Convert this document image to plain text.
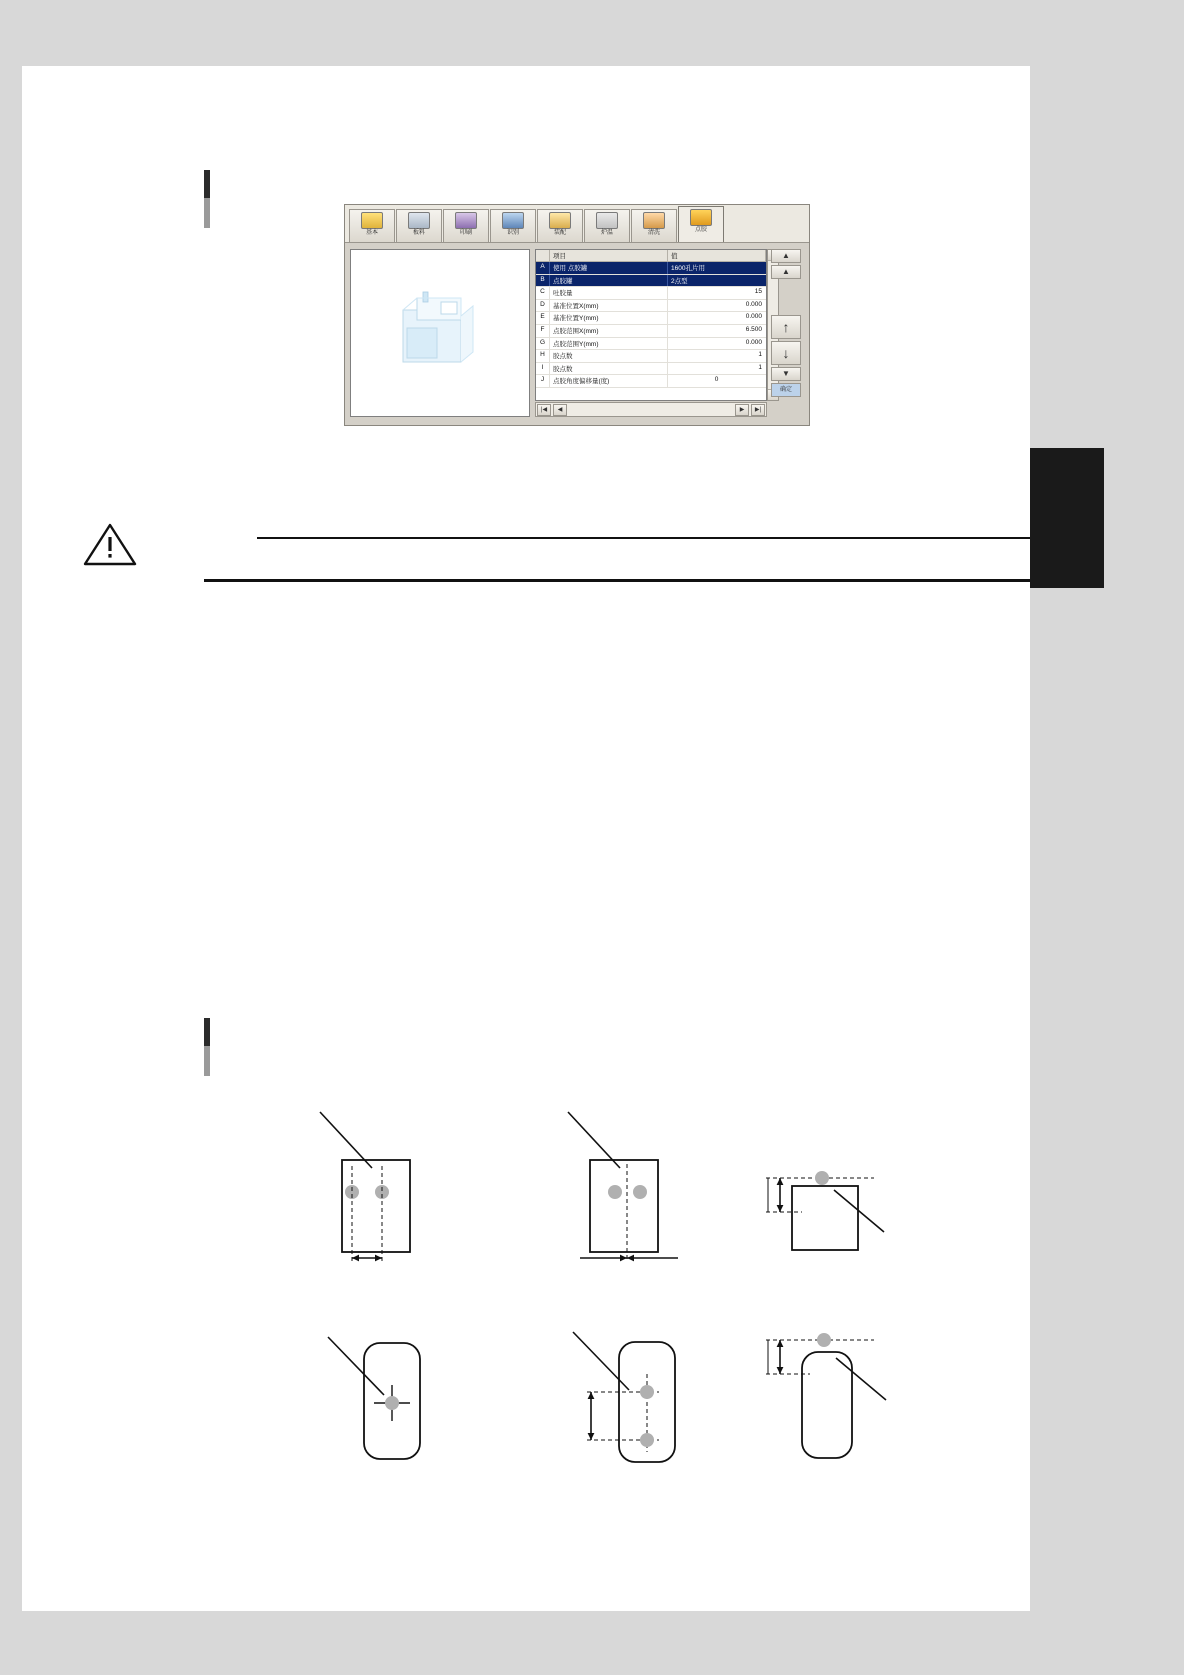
基本	板料	印刷	识别	装配	炉温	清洗	点胶
项目	值
A	使用 点胶罐	1600孔片用
B	点胶罐	2点型
C	吐胶量	15
D	基准位置X(mm)	0.000
E	基准位置Y(mm)	0.000
F	点胶范围X(mm)	6.500
G	点胶范围Y(mm)	0.000
H	胶点数	1
I	胶点数	1
J	点胶角度偏移量(度)	0
|◀	◀	▶	▶|
▲
▲
↑
↓
▼
确定
